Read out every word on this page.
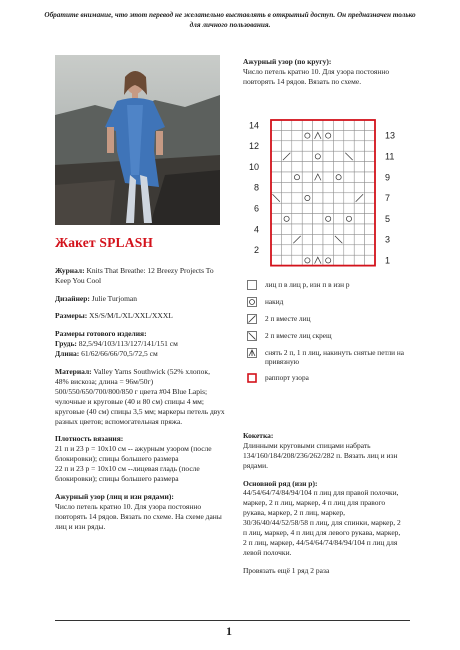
Обратите внимание, что этот перевод не желательно выставлять в открытый доступ. Он предназначен только для личного пользования.
Жакет SPLASH
Журнал: Knits That Breathe: 12 Breezy Projects To Keep You Cool
Дизайнер: Julie Turjoman
Размеры: XS/S/M/L/XL/XXL/XXXL
Размеры готового изделия:
Грудь: 82,5/94/103/113/127/141/151 см
Длина: 61/62/66/66/70,5/72,5 см
Материал: Valley Yarns Southwick (52% хлопок, 48% вискоза; длина = 96м/50г) 500/550/650/700/800/850 г цвета #04 Blue Lapis; чулочные и круговые (40 и 80 см) спицы 4 мм; круговые (40 см) спицы 3,5 мм; маркеры петель двух разных цветов; вспомогательная пряжа.
Плотность вязания:
21 п и 23 р = 10х10 см -- ажурным узором (после блокировки); спицы большего размера
22 п и 23 р = 10х10 см --лицевая гладь (после блокировки); спицы большего размера
Ажурный узор (лиц и изн рядами):
Число петель кратно 10. Для узора постоянно повторять 14 рядов. Вязать по схеме. На схеме даны лиц и изн ряды.
Ажурный узор (по кругу):
Число петель кратно 10. Для узора постоянно повторять 14 рядов. Вязать по схеме.
14
12
10
8
6
4
2
13
11
9
7
5
3
1
лиц п в лиц р, изн п в изн р
накид
2 п вместе лиц
2 п вместе лиц скрещ
снять 2 п, 1 п лиц, накинуть снятые петли на привязную
раппорт узора
Кокетка:
Длинными круговыми спицами набрать 134/160/184/208/236/262/282 п. Вязать лиц и изн рядами.
Основной ряд (изн р):
44/54/64/74/84/94/104 п лиц для правой полочки, маркер, 2 п лиц, маркер, 4 п лиц для правого рукава, маркер, 2 п лиц, маркер, 30/36/40/44/52/58/58 п лиц, для спинки, маркер, 2 п лиц, маркер, 4 п лиц для левого рукава, маркер, 2 п лиц, маркер, 44/54/64/74/84/94/104 п лиц для левой полочки.
Провязать ещё 1 ряд 2 раза
1
